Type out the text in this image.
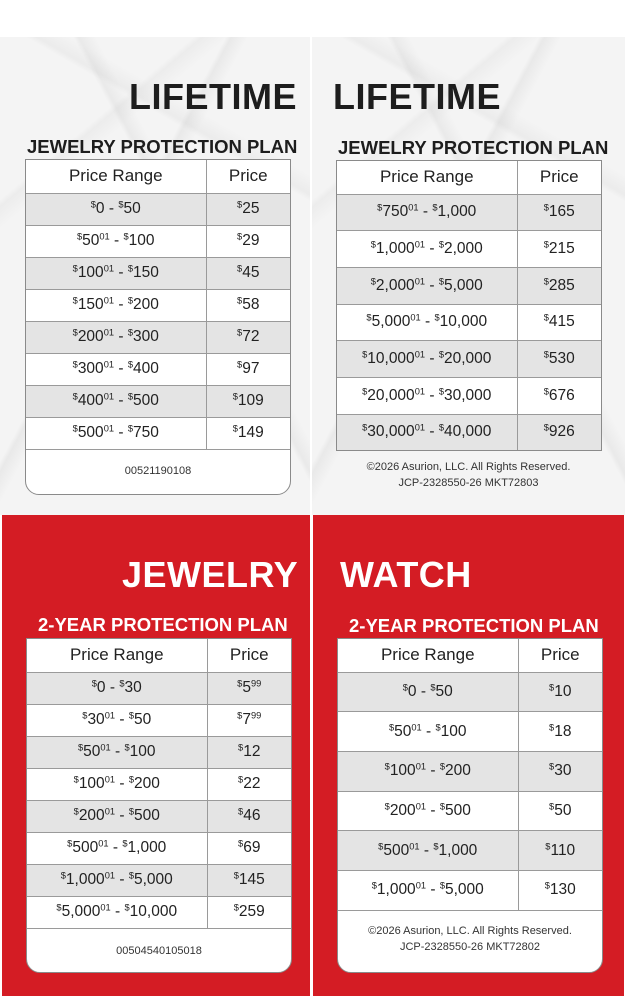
LIFETIME
JEWELRY PROTECTION PLAN
Price Range	Price
$0 - $50	$25
$^{\$}50^{01} - ^{\$}100$	$29
$^{\$}100^{01} - ^{\$}150$	$45
$^{\$}150^{01} - ^{\$}200$	$58
$^{\$}200^{01} - ^{\$}300$	$72
$^{\$}300^{01} - ^{\$}400$	$97
$^{\$}400^{01} - ^{\$}500$	$109
$^{\$}500^{01} - ^{\$}750$	$149
00521190108
LIFETIME
JEWELRY PROTECTION PLAN
Price Range	Price
$^{\$}750^{01} - ^{\$}1,000$	$165
$1,000$^{01}$ - $2,000	$215
$2,000$^{01}$ - $5,000	$285
$5,000$^{01}$ - $10,000	$415
$10,000$^{01}$ - $20,000	$530
$20,000$^{01}$ - $30,000	$676
$30,000$^{01}$ - $40,000	$926
©2026 Asurion, LLC. All Rights Reserved.
JCP-2328550-26 MKT72803
JEWELRY
2-YEAR PROTECTION PLAN
Price Range	Price
$0 - $30	$^{\$}5^{99}$
$^{\$}30^{01} - ^{\$}50$	$^{\$}7^{99}$
$^{\$}50^{01} - ^{\$}100$	$12
$^{\$}100^{01} - ^{\$}200$	$22
$^{\$}200^{01} - ^{\$}500$	$46
$^{\$}500^{01} - ^{\$}1,000$	$69
$1,000$^{01}$ - $5,000	$145
$5,000$^{01}$ - $10,000	$259
00504540105018
WATCH
2-YEAR PROTECTION PLAN
Price Range	Price
$0 - $50	$10
$^{\$}50^{01} - ^{\$}100$	$18
$^{\$}100^{01} - ^{\$}200$	$30
$^{\$}200^{01} - ^{\$}500$	$50
$^{\$}500^{01} - ^{\$}1,000$	$110
$1,000$^{01}$ - $5,000	$130
©2026 Asurion, LLC. All Rights Reserved.
JCP-2328550-26 MKT72802
